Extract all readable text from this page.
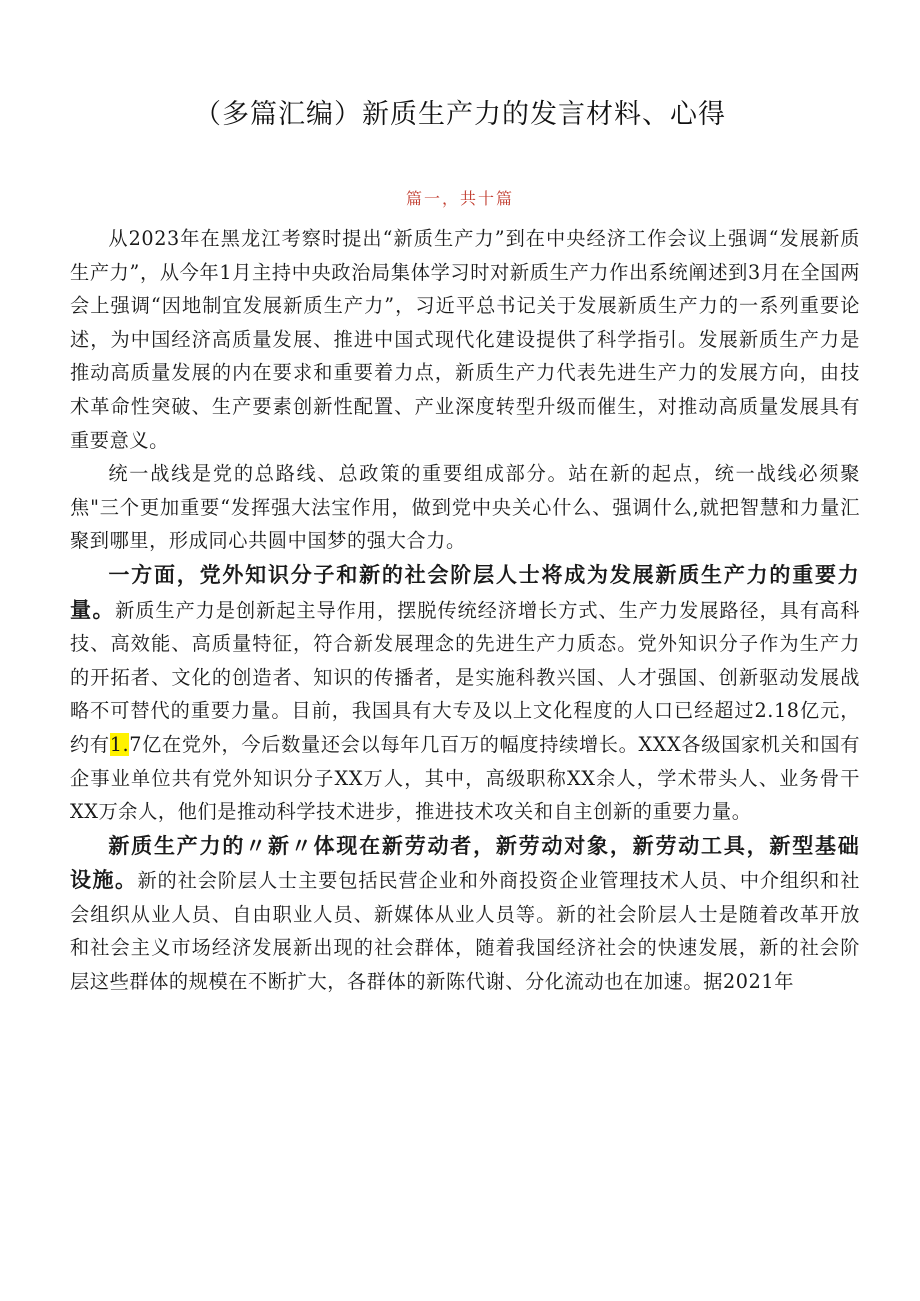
（多篇汇编）新质生产力的发言材料、心得
篇一，共十篇

从2023年在黑龙江考察时提出“新质生产力”到在中央经济工作会议上强调“发展新质生产力”，从今年1月主持中央政治局集体学习时对新质生产力作出系统阐述到3月在全国两会上强调“因地制宜发展新质生产力”，习近平总书记关于发展新质生产力的一系列重要论述，为中国经济高质量发展、推进中国式现代化建设提供了科学指引。发展新质生产力是推动高质量发展的内在要求和重要着力点，新质生产力代表先进生产力的发展方向，由技术革命性突破、生产要素创新性配置、产业深度转型升级而催生，对推动高质量发展具有重要意义。

统一战线是党的总路线、总政策的重要组成部分。站在新的起点，统一战线必须聚焦"三个更加重要“发挥强大法宝作用，做到党中央关心什么、强调什么,就把智慧和力量汇聚到哪里，形成同心共圆中国梦的强大合力。

一方面，党外知识分子和新的社会阶层人士将成为发展新质生产力的重要力量。新质生产力是创新起主导作用，摆脱传统经济增长方式、生产力发展路径，具有高科技、高效能、高质量特征，符合新发展理念的先进生产力质态。党外知识分子作为生产力的开拓者、文化的创造者、知识的传播者，是实施科教兴国、人才强国、创新驱动发展战略不可替代的重要力量。目前，我国具有大专及以上文化程度的人口已经超过2.18亿元，约有1.7亿在党外，今后数量还会以每年几百万的幅度持续增长。XXX各级国家机关和国有企事业单位共有党外知识分子XX万人，其中，高级职称XX余人，学术带头人、业务骨干XX万余人，他们是推动科学技术进步，推进技术攻关和自主创新的重要力量。

新质生产力的〃新〃体现在新劳动者，新劳动对象，新劳动工具，新型基础设施。新的社会阶层人士主要包括民营企业和外商投资企业管理技术人员、中介组织和社会组织从业人员、自由职业人员、新媒体从业人员等。新的社会阶层人士是随着改革开放和社会主义市场经济发展新出现的社会群体，随着我国经济社会的快速发展，新的社会阶层这些群体的规模在不断扩大，各群体的新陈代谢、分化流动也在加速。据2021年
